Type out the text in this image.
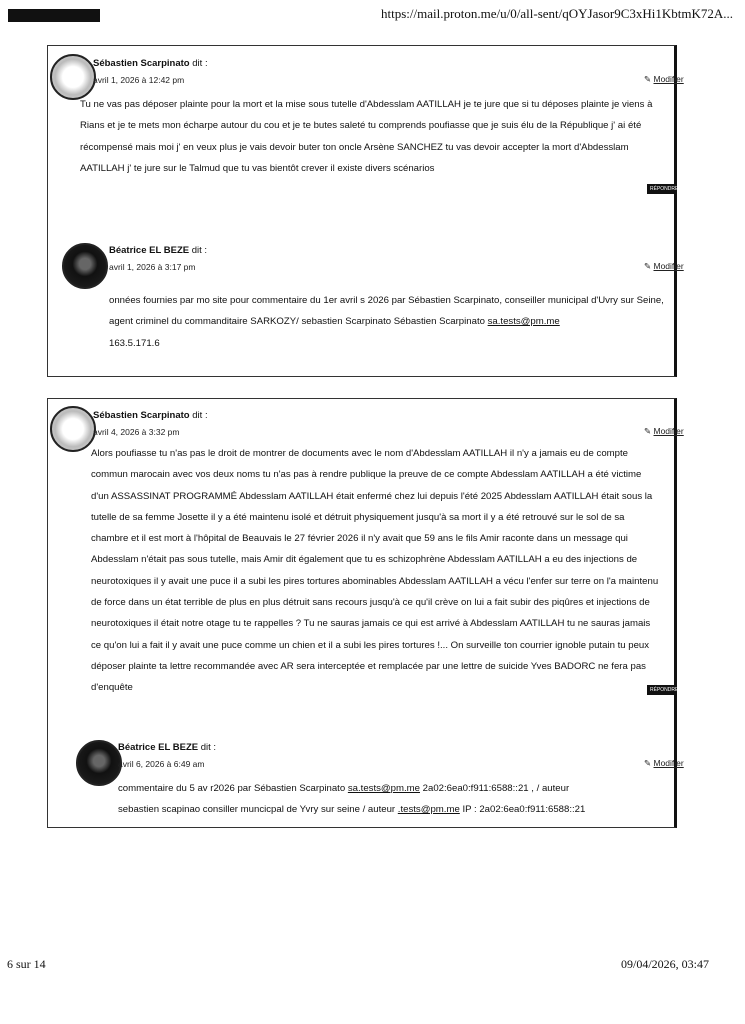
https://mail.proton.me/u/0/all-sent/qOYJasor9C3xHi1KbtmK72A...
Sébastien Scarpinato dit :
avril 1, 2026 à 12:42 pm	✎ Modifier
Tu ne vas pas déposer plainte pour la mort et la mise sous tutelle d'Abdesslam AATILLAH je te jure que si tu déposes plainte je viens à Rians et je te mets mon écharpe autour du cou et je te butes saleté tu comprends poufiasse que je suis élu de la République j' ai été récompensé mais moi j' en veux plus je vais devoir buter ton oncle Arsène SANCHEZ tu vas devoir accepter la mort d'Abdesslam AATILLAH j' te jure sur le Talmud que tu vas bientôt crever il existe divers scénarios
RÉPONDRE
Béatrice EL BEZE dit :
avril 1, 2026 à 3:17 pm	✎ Modifier
onnées fournies par mo site pour commentaire du 1er avril s 2026 par Sébastien Scarpinato, conseiller municipal d'Uvry sur Seine, agent criminel du commanditaire SARKOZY/ sebastien Scarpinato Sébastien Scarpinato sa.tests@pm.me
163.5.171.6
Sébastien Scarpinato dit :
avril 4, 2026 à 3:32 pm	✎ Modifier
Alors poufiasse tu n'as pas le droit de montrer de documents avec le nom d'Abdesslam AATILLAH il n'y a jamais eu de compte commun marocain avec vos deux noms tu n'as pas à rendre publique la preuve de ce compte Abdesslam AATILLAH a été victime d'un ASSASSINAT PROGRAMMÉ Abdesslam AATILLAH était enfermé chez lui depuis l'été 2025 Abdesslam AATILLAH était sous la tutelle de sa femme Josette il y a été maintenu isolé et détruit physiquement jusqu'à sa mort il y a été retrouvé sur le sol de sa chambre et il est mort à l'hôpital de Beauvais le 27 février 2026 il n'y avait que 59 ans le fils Amir raconte dans un message qui Abdesslam n'était pas sous tutelle, mais Amir dit également que tu es schizophrène Abdesslam AATILLAH a eu des injections de neurotoxiques il y avait une puce il a subi les pires tortures abominables Abdesslam AATILLAH a vécu l'enfer sur terre on l'a maintenu de force dans un état terrible de plus en plus détruit sans recours jusqu'à ce qu'il crève on lui a fait subir des piqûres et injections de neurotoxiques il était notre otage tu te rappelles ? Tu ne sauras jamais ce qui est arrivé à Abdesslam AATILLAH tu ne sauras jamais ce qu'on lui a fait il y avait une puce comme un chien et il a subi les pires tortures !... On surveille ton courrier ignoble putain tu peux déposer plainte ta lettre recommandée avec AR sera interceptée et remplacée par une lettre de suicide Yves BADORC ne fera pas d'enquête	RÉPONDRE
Béatrice EL BEZE dit :
avril 6, 2026 à 6:49 am	✎ Modifier
commentaire du 5 av r2026 par Sébastien Scarpinato sa.tests@pm.me 2a02:6ea0:f911:6588::21 , / auteur sebastien scapinao consiller muncicpal de Yvry sur seine / auteur .tests@pm.me IP : 2a02:6ea0:f911:6588::21
6 sur 14	09/04/2026, 03:47
